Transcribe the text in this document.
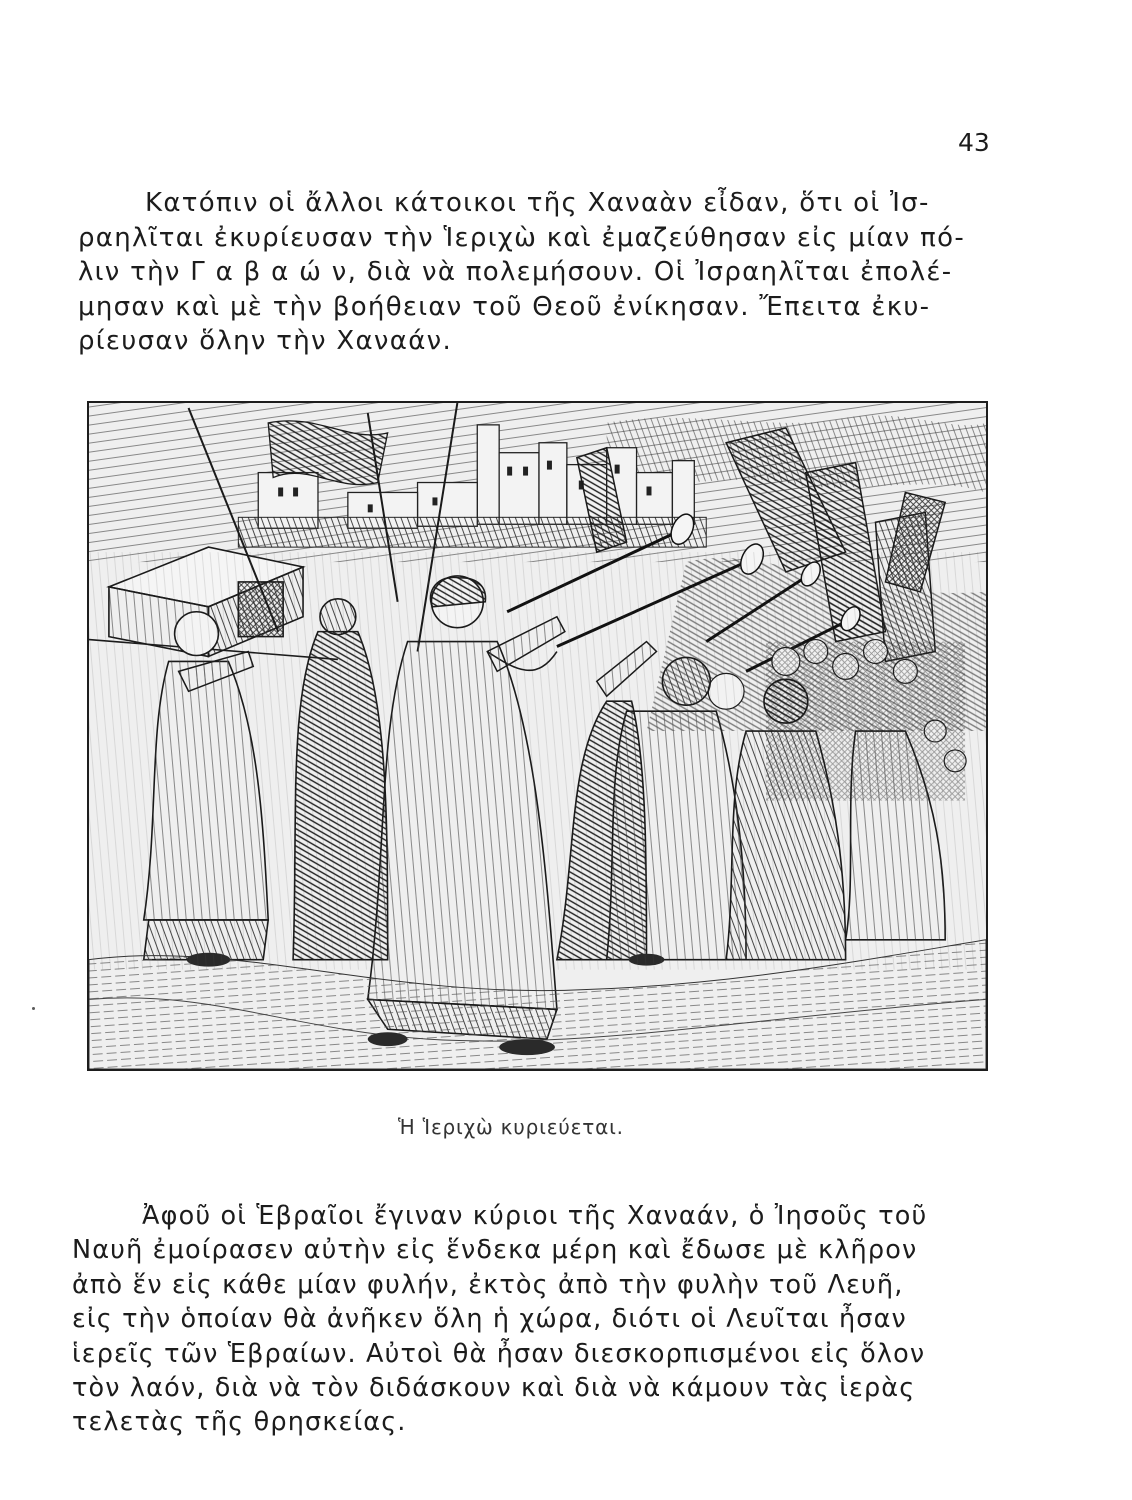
43

Κατόπιν οἱ ἄλλοι κάτοικοι τῆς Χαναὰν εἶδαν, ὅτι οἱ Ἰσ-
ραηλῖται ἐκυρίευσαν τὴν Ἱεριχὼ καὶ ἐμαζεύθησαν εἰς μίαν πό-
λιν τὴν Γ α β α ώ ν, διὰ νὰ πολεμήσουν. Οἱ Ἰσραηλῖται ἐπολέ-
μησαν καὶ μὲ τὴν βοήθειαν τοῦ Θεοῦ ἐνίκησαν. Ἔπειτα ἐκυ-
ρίευσαν ὅλην τὴν Χαναάν.

Ἡ Ἱεριχὼ κυριεύεται.

Ἀφοῦ οἱ Ἑβραῖοι ἔγιναν κύριοι τῆς Χαναάν, ὁ Ἰησοῦς τοῦ
Ναυῆ ἐμοίρασεν αὐτὴν εἰς ἕνδεκα μέρη καὶ ἔδωσε μὲ κλῆρον
ἀπὸ ἕν εἰς κάθε μίαν φυλήν, ἐκτὸς ἀπὸ τὴν φυλὴν τοῦ Λευῆ,
εἰς τὴν ὁποίαν θὰ ἀνῆκεν ὅλη ἡ χώρα, διότι οἱ Λευῖται ἦσαν
ἱερεῖς τῶν Ἑβραίων. Αὐτοὶ θὰ ἦσαν διεσκορπισμένοι εἰς ὅλον
τὸν λαόν, διὰ νὰ τὸν διδάσκουν καὶ διὰ νὰ κάμουν τὰς ἱερὰς
τελετὰς τῆς θρησκείας.
